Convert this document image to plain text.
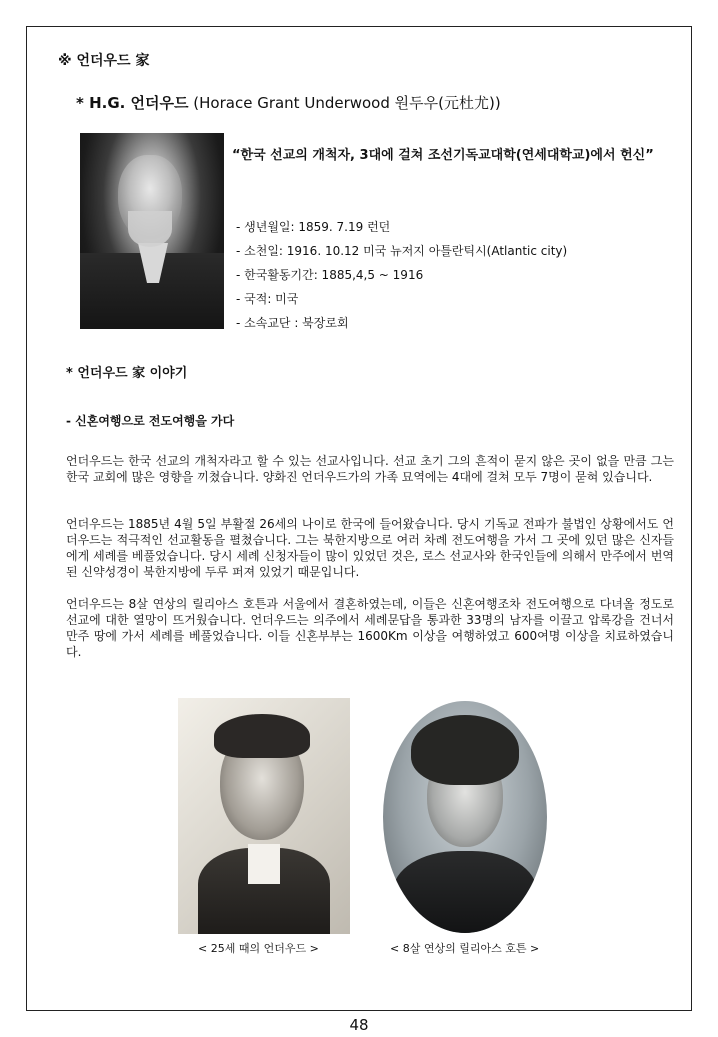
※ 언더우드 家
* H.G. 언더우드 (Horace Grant Underwood 원두우(元杜尤))
“한국 선교의 개척자, 3대에 걸쳐 조선기독교대학(연세대학교)에서 헌신”
- 생년월일: 1859. 7.19 런던
- 소천일: 1916. 10.12 미국 뉴저지 아틀란틱시(Atlantic city)
- 한국활동기간: 1885,4,5 ~ 1916
- 국적: 미국
- 소속교단 : 북장로회
* 언더우드 家 이야기
- 신혼여행으로 전도여행을 가다

언더우드는 한국 선교의 개척자라고 할 수 있는 선교사입니다. 선교 초기 그의 흔적이 묻지 않은 곳이 없을 만큼 그는 한국 교회에 많은 영향을 끼쳤습니다. 양화진 언더우드가의 가족 묘역에는 4대에 걸쳐 모두 7명이 묻혀 있습니다.

언더우드는 1885년 4월 5일 부활절 26세의 나이로 한국에 들어왔습니다. 당시 기독교 전파가 불법인 상황에서도 언더우드는 적극적인 선교활동을 펼쳤습니다. 그는 북한지방으로 여러 차례 전도여행을 가서 그 곳에 있던 많은 신자들에게 세례를 베풀었습니다. 당시 세례 신청자들이 많이 있었던 것은, 로스 선교사와 한국인들에 의해서 만주에서 번역된 신약성경이 북한지방에 두루 퍼져 있었기 때문입니다.

언더우드는 8살 연상의 릴리아스 호튼과 서울에서 결혼하였는데, 이들은 신혼여행조차 전도여행으로 다녀올 정도로 선교에 대한 열망이 뜨거웠습니다. 언더우드는 의주에서 세례문답을 통과한 33명의 남자를 이끌고 압록강을 건너서 만주 땅에 가서 세례를 베풀었습니다. 이들 신혼부부는 1600Km 이상을 여행하였고 600여명 이상을 치료하였습니다.

< 25세 때의 언더우드 >	< 8살 연상의 릴리아스 호튼 >
48
